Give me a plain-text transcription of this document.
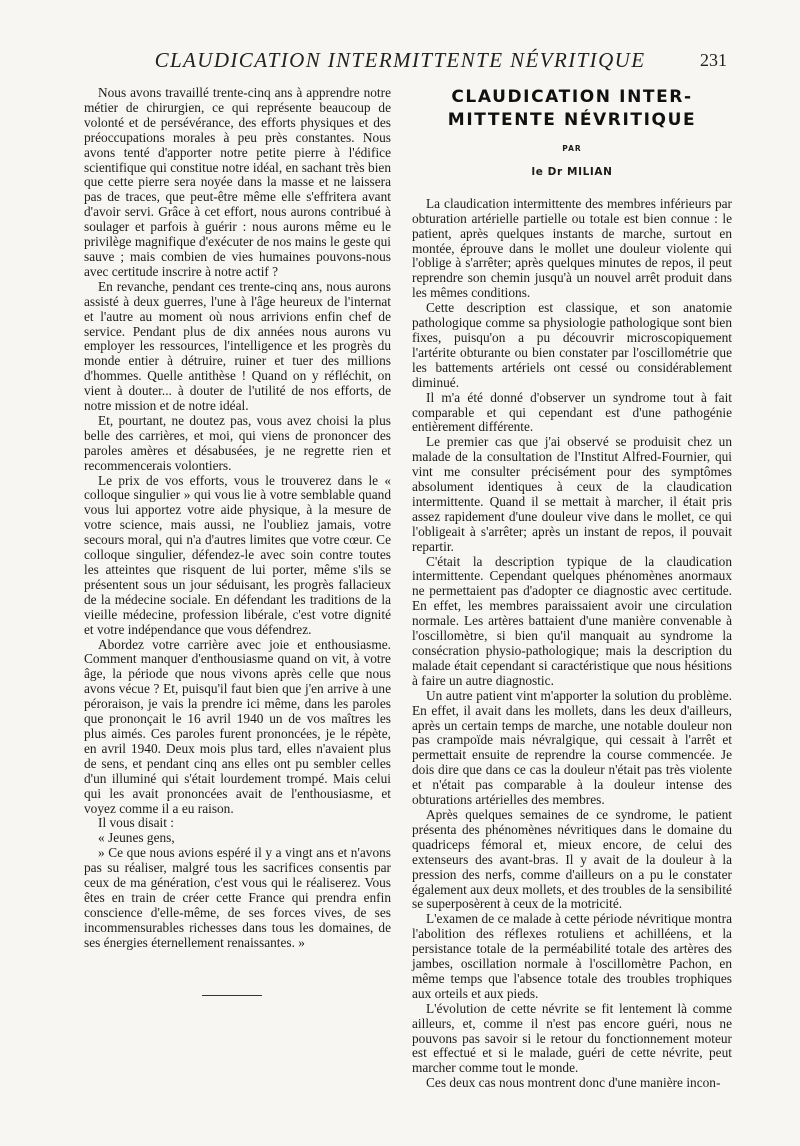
CLAUDICATION INTERMITTENTE NÉVRITIQUE	231

Nous avons travaillé trente-cinq ans à apprendre notre métier de chirurgien, ce qui représente beaucoup de volonté et de persévérance, des efforts physiques et des préoccupations morales à peu près constantes. Nous avons tenté d'apporter notre petite pierre à l'édifice scientifique qui constitue notre idéal, en sachant très bien que cette pierre sera noyée dans la masse et ne laissera pas de traces, que peut-être même elle s'effritera avant d'avoir servi. Grâce à cet effort, nous aurons contribué à soulager et parfois à guérir : nous aurons même eu le privilège magnifique d'exécuter de nos mains le geste qui sauve ; mais combien de vies humaines pouvons-nous avec certitude inscrire à notre actif ?

En revanche, pendant ces trente-cinq ans, nous aurons assisté à deux guerres, l'une à l'âge heureux de l'internat et l'autre au moment où nous arrivions enfin chef de service. Pendant plus de dix années nous aurons vu employer les ressources, l'intelligence et les progrès du monde entier à détruire, ruiner et tuer des millions d'hommes. Quelle antithèse ! Quand on y réfléchit, on vient à douter... à douter de l'utilité de nos efforts, de notre mission et de notre idéal.

Et, pourtant, ne doutez pas, vous avez choisi la plus belle des carrières, et moi, qui viens de prononcer des paroles amères et désabusées, je ne regrette rien et recommencerais volontiers.

Le prix de vos efforts, vous le trouverez dans le « colloque singulier » qui vous lie à votre semblable quand vous lui apportez votre aide physique, à la mesure de votre science, mais aussi, ne l'oubliez jamais, votre secours moral, qui n'a d'autres limites que votre cœur. Ce colloque singulier, défendez-le avec soin contre toutes les atteintes que risquent de lui porter, même s'ils se présentent sous un jour séduisant, les progrès fallacieux de la médecine sociale. En défendant les traditions de la vieille médecine, profession libérale, c'est votre dignité et votre indépendance que vous défendrez.

Abordez votre carrière avec joie et enthousiasme. Comment manquer d'enthousiasme quand on vit, à votre âge, la période que nous vivons après celle que nous avons vécue ? Et, puisqu'il faut bien que j'en arrive à une péroraison, je vais la prendre ici même, dans les paroles que prononçait le 16 avril 1940 un de vos maîtres les plus aimés. Ces paroles furent prononcées, je le répète, en avril 1940. Deux mois plus tard, elles n'avaient plus de sens, et pendant cinq ans elles ont pu sembler celles d'un illuminé qui s'était lourdement trompé. Mais celui qui les avait prononcées avait de l'enthousiasme, et voyez comme il a eu raison.

Il vous disait :

« Jeunes gens,

» Ce que nous avions espéré il y a vingt ans et n'avons pas su réaliser, malgré tous les sacrifices consentis par ceux de ma génération, c'est vous qui le réaliserez. Vous êtes en train de créer cette France qui prendra enfin conscience d'elle-même, de ses forces vives, de ses incommensurables richesses dans tous les domaines, de ses énergies éternellement renaissantes. »

CLAUDICATION INTER-
MITTENTE NÉVRITIQUE
PAR
le Dr MILIAN

La claudication intermittente des membres inférieurs par obturation artérielle partielle ou totale est bien connue : le patient, après quelques instants de marche, surtout en montée, éprouve dans le mollet une douleur violente qui l'oblige à s'arrêter; après quelques minutes de repos, il peut reprendre son chemin jusqu'à un nouvel arrêt produit dans les mêmes conditions.

Cette description est classique, et son anatomie pathologique comme sa physiologie pathologique sont bien fixes, puisqu'on a pu découvrir microscopiquement l'artérite obturante ou bien constater par l'oscillométrie que les battements artériels ont cessé ou considérablement diminué.

Il m'a été donné d'observer un syndrome tout à fait comparable et qui cependant est d'une pathogénie entièrement différente.

Le premier cas que j'ai observé se produisit chez un malade de la consultation de l'Institut Alfred-Fournier, qui vint me consulter précisément pour des symptômes absolument identiques à ceux de la claudication intermittente. Quand il se mettait à marcher, il était pris assez rapidement d'une douleur vive dans le mollet, ce qui l'obligeait à s'arrêter; après un instant de repos, il pouvait repartir.

C'était la description typique de la claudication intermittente. Cependant quelques phénomènes anormaux ne permettaient pas d'adopter ce diagnostic avec certitude. En effet, les membres paraissaient avoir une circulation normale. Les artères battaient d'une manière convenable à l'oscillomètre, si bien qu'il manquait au syndrome la consécration physio-pathologique; mais la description du malade était cependant si caractéristique que nous hésitions à faire un autre diagnostic.

Un autre patient vint m'apporter la solution du problème. En effet, il avait dans les mollets, dans les deux d'ailleurs, après un certain temps de marche, une notable douleur non pas crampoïde mais névralgique, qui cessait à l'arrêt et permettait ensuite de reprendre la course commencée. Je dois dire que dans ce cas la douleur n'était pas très violente et n'était pas comparable à la douleur intense des obturations artérielles des membres.

Après quelques semaines de ce syndrome, le patient présenta des phénomènes névritiques dans le domaine du quadriceps fémoral et, mieux encore, de celui des extenseurs des avant-bras. Il y avait de la douleur à la pression des nerfs, comme d'ailleurs on a pu le constater également aux deux mollets, et des troubles de la sensibilité se superposèrent à ceux de la motricité.

L'examen de ce malade à cette période névritique montra l'abolition des réflexes rotuliens et achilléens, et la persistance totale de la perméabilité totale des artères des jambes, oscillation normale à l'oscillomètre Pachon, en même temps que l'absence totale des troubles trophiques aux orteils et aux pieds.

L'évolution de cette névrite se fit lentement là comme ailleurs, et, comme il n'est pas encore guéri, nous ne pouvons pas savoir si le retour du fonctionnement moteur est effectué et si le malade, guéri de cette névrite, peut marcher comme tout le monde.

Ces deux cas nous montrent donc d'une manière incon-
